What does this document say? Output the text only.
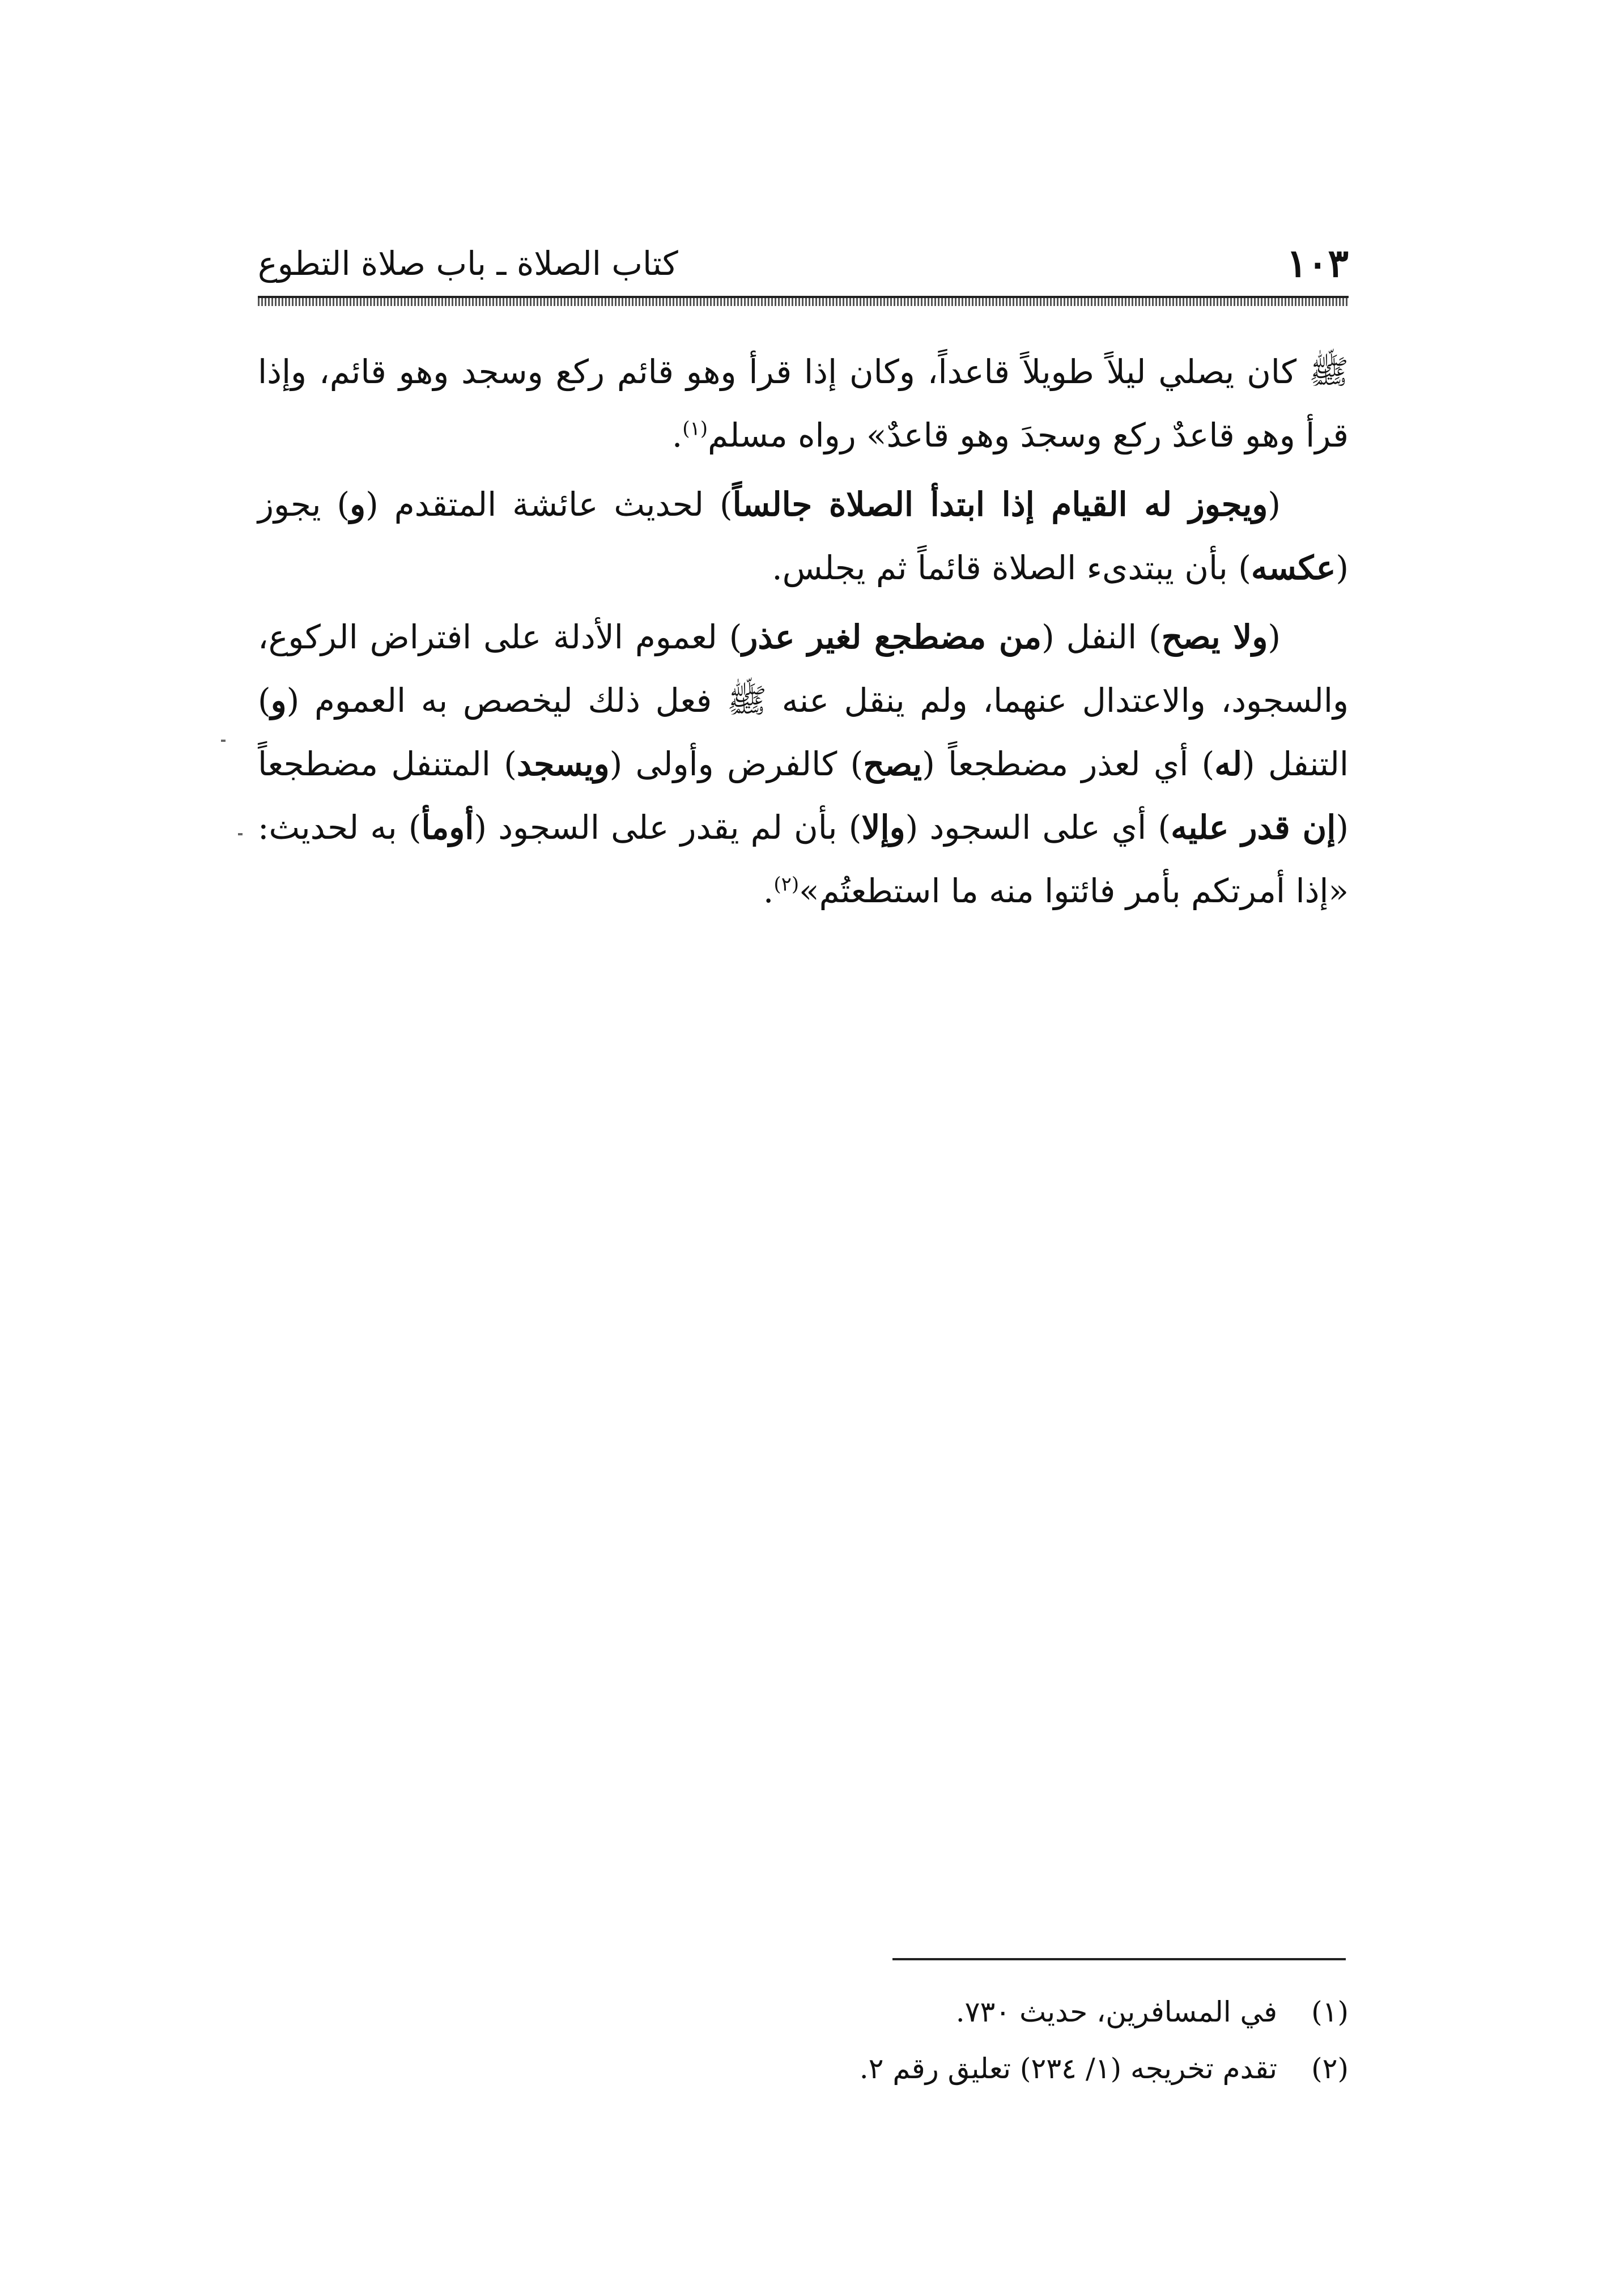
١٠٣
كتاب الصلاة ـ باب صلاة التطوع

ﷺ كان يصلي ليلاً طويلاً قاعداً، وكان إذا قرأ وهو قائم ركع وسجد وهو قائم، وإذا قرأ وهو قاعدٌ ركع وسجدَ وهو قاعدٌ» رواه مسلم$^{(١)}$.

(ويجوز له القيام إذا ابتدأ الصلاة جالساً) لحديث عائشة المتقدم (و) يجوز (عكسه) بأن يبتدىء الصلاة قائماً ثم يجلس.

(ولا يصح) النفل (من مضطجع لغير عذر) لعموم الأدلة على افتراض الركوع، والسجود، والاعتدال عنهما، ولم ينقل عنه ﷺ فعل ذلك ليخصص به العموم (و) التنفل (له) أي لعذر مضطجعاً (يصح) كالفرض وأولى (ويسجد) المتنفل مضطجعاً (إن قدر عليه) أي على السجود (وإلا) بأن لم يقدر على السجود (أومأ) به لحديث: «إذا أمرتكم بأمر فائتوا منه ما استطعتُم»$^{(٢)}$.

(١) في المسافرين، حديث ٧٣٠.
(٢) تقدم تخريجه (١/ ٢٣٤) تعليق رقم ٢.
